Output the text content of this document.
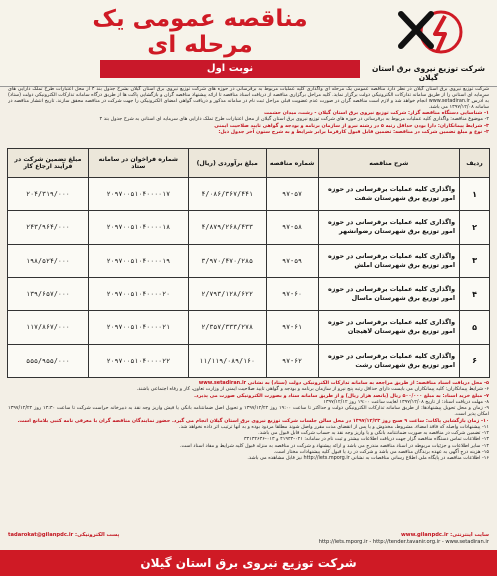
مناقصه عمومی یک مرحله ای
شرکت توزیع نیروی برق استان گیلان
نوبت اول
شرکت توزیع نیروی برق استان گیلان در نظر دارد مناقصه عمومی یک مرحله ای واگذاری کلیه عملیات مربوط به برقرسانی در حوزه های شرکت توزیع نیروی برق استان گیلان بشرح جدول بند ۴ از محل اعتبارات طرح تملک دارایی های سرمایه ای استانی را از طریق سامانه تدارکات الکترونیکی دولت برگزار نماید. کلیه مراحل برگزاری مناقصه از دریافت اسناد مناقصه تا ارائه پیشنهاد مناقصه گران و بازگشایی پاکت ها از طریق درگاه سامانه تدارکات الکترونیکی دولت (ستاد) به آدرس www.setadiran.ir انجام خواهد شد و لازم است مناقصه گران در صورت عدم عضویت قبلی مراحل ثبت نام در سامانه مذکور و دریافت گواهی امضای الکترونیکی را جهت شرکت در مناقصه محقق سازند. تاریخ انتشار مناقصه در سامانه ۱۳۹۷/۱۲/۰۸ می باشد.
۱- شناسایی دستگاه مناقصه گزار: شرکت توزیع نیروی برق استان گیلان - رشت، میدان حشمت
۲- موضوع مناقصه: واگذاری کلیه عملیات مربوط به برقرسانی در حوزه های شرکت توزیع نیروی برق استان گیلان از محل اعتبارات طرح تملک دارایی های سرمایه ای استانی به شرح جدول بند ۴
۳- شرایط پیمانکاران: دارا بودن حداقل رتبه ۵ در رشته نیرو از سازمان برنامه و بودجه و گواهی تایید صلاحیت ایمنی
۴- نوع و مبلغ تضمین شرکت در مناقصه: تضمین قابل قبول کارفرما برابر شرایط و به شرح ستون آخر جدول ذیل:
ردیف	شرح مناقصه	شماره مناقصه	مبلغ برآوردی (ریال)	شماره فراخوان در سامانه ستاد	مبلغ تضمین شرکت در فرآیند ارجاع کار
۱	واگذاری کلیه عملیات برقرسانی در حوزه امور توزیع برق شهرستان شفت	۹۷-۵۷	۴/۰۸۶/۳۶۷/۴۴۱	۲۰۹۷۰۰۵۱۰۴۰۰۰۰۱۷	۲۰۴/۳۱۹/۰۰۰
۲	واگذاری کلیه عملیات برقرسانی در حوزه امور توزیع برق شهرستان رضوانشهر	۹۷-۵۸	۴/۸۷۹/۲۶۸/۴۳۳	۲۰۹۷۰۰۵۱۰۴۰۰۰۰۱۸	۲۴۳/۹۶۴/۰۰۰
۳	واگذاری کلیه عملیات برقرسانی در حوزه امور توزیع برق شهرستان املش	۹۷-۵۹	۳/۹۷۰/۴۷۰/۲۸۵	۲۰۹۷۰۰۵۱۰۴۰۰۰۰۱۹	۱۹۸/۵۲۴/۰۰۰
۴	واگذاری کلیه عملیات برقرسانی در حوزه امور توزیع برق شهرستان ماسال	۹۷-۶۰	۲/۷۹۳/۱۲۸/۶۲۲	۲۰۹۷۰۰۵۱۰۴۰۰۰۰۲۰	۱۳۹/۶۵۷/۰۰۰
۵	واگذاری کلیه عملیات برقرسانی در حوزه امور توزیع برق شهرستان لاهیجان	۹۷-۶۱	۲/۳۵۷/۳۳۳/۲۷۸	۲۰۹۷۰۰۵۱۰۴۰۰۰۰۲۱	۱۱۷/۸۶۷/۰۰۰
۶	واگذاری کلیه عملیات برقرسانی در حوزه امور توزیع برق شهرستان رشت	۹۷-۶۲	۱۱/۱۱۹/۰۸۹/۱۶۰	۲۰۹۷۰۰۵۱۰۴۰۰۰۰۲۲	۵۵۵/۹۵۵/۰۰۰

۵- محل دریافت اسناد مناقصه: از طریق مراجعه به سامانه تدارکات الکترونیکی دولت (ستاد) به نشانی www.setadiran.ir

۶- شرایط پیمانکاران: کلیه پیمانکاران می بایست دارای حداقل رتبه پنج نیرو از سازمان برنامه و بودجه و گواهی تایید صلاحیت ایمنی از وزارت تعاون، کار و رفاه اجتماعی باشند.

۷- مبلغ خرید اسناد: به مبلغ ۵۰۰/۰۰۰ ریال (پانصد هزار ریال) و از طریق سامانه ستاد و بصورت الکترونیکی صورت می پذیرد.

۸- مهلت دریافت اسناد: از تاریخ ۱۳۹۷/۱۲/۰۸ لغایت ساعت ۱۹:۰۰ روز ۱۳۹۷/۱۲/۱۲

۹- زمان و محل تحویل پیشنهادها: از طریق سامانه تدارکات الکترونیکی دولت و حداکثر تا ساعت ۱۹:۰۰ روز ۱۳۹۷/۱۲/۲۲ و تحویل اصل ضمانتنامه بانکی یا فیش واریز وجه نقد به دبیرخانه حراست شرکت تا ساعت ۱۴:۳۰ روز ۱۳۹۷/۱۲/۲۲ امکان پذیر است.

۱۰- زمان بازگشایی پاکات: ساعت ۹ صبح روز ۱۳۹۷/۱۲/۲۳ در محل سالن جلسات شرکت توزیع نیروی برق استان گیلان انجام می گیرد. حضور نمایندگان مناقصه گران با معرفی نامه کتبی بلامانع است.

۱۱- پیشنهادات واصله که فاقد امضاء، مشروط، مخدوش و یا پس از انقضای مدت مقرر واصل شوند مطلقا مردود بوده و به آنها ترتیب اثر داده نخواهد شد.

۱۲- تضمین شرکت در مناقصه به صورت ضمانتنامه بانکی و یا واریز وجه نقد به حساب شرکت قابل قبول می باشد.

۱۳- اطلاعات تماس دستگاه مناقصه گزار جهت دریافت اطلاعات بیشتر و ثبت نام در سامانه: ۰۲۱-۴۱۹۳۴ و ۰۱۳-۳۳۱۳۴۶۳۶

۱۴- سایر اطلاعات و جزئیات مربوطه در اسناد مناقصه مندرج می باشد و ارائه پیشنهاد و شرکت در مناقصه به منزله قبول کلیه شرایط و مفاد اسناد است.

۱۵- هزینه درج آگهی به عهده برندگان مناقصه می باشد و شرکت در رد یا قبول کلیه پیشنهادات مختار است.

۱۶- اطلاعات مناقصه در پایگاه ملی اطلاع رسانی مناقصات به نشانی http://iets.mporg.ir نیز قابل مشاهده می باشد.

سایت اینترنتی: www.gilanpdc.ir
پست الکترونیکی: tadarokat@gilanpdc.ir
http://iets.mporg.ir - http://tender.tavanir.org.ir - www.setadiran.ir
شرکت توزیع نیروی برق استان گیلان
